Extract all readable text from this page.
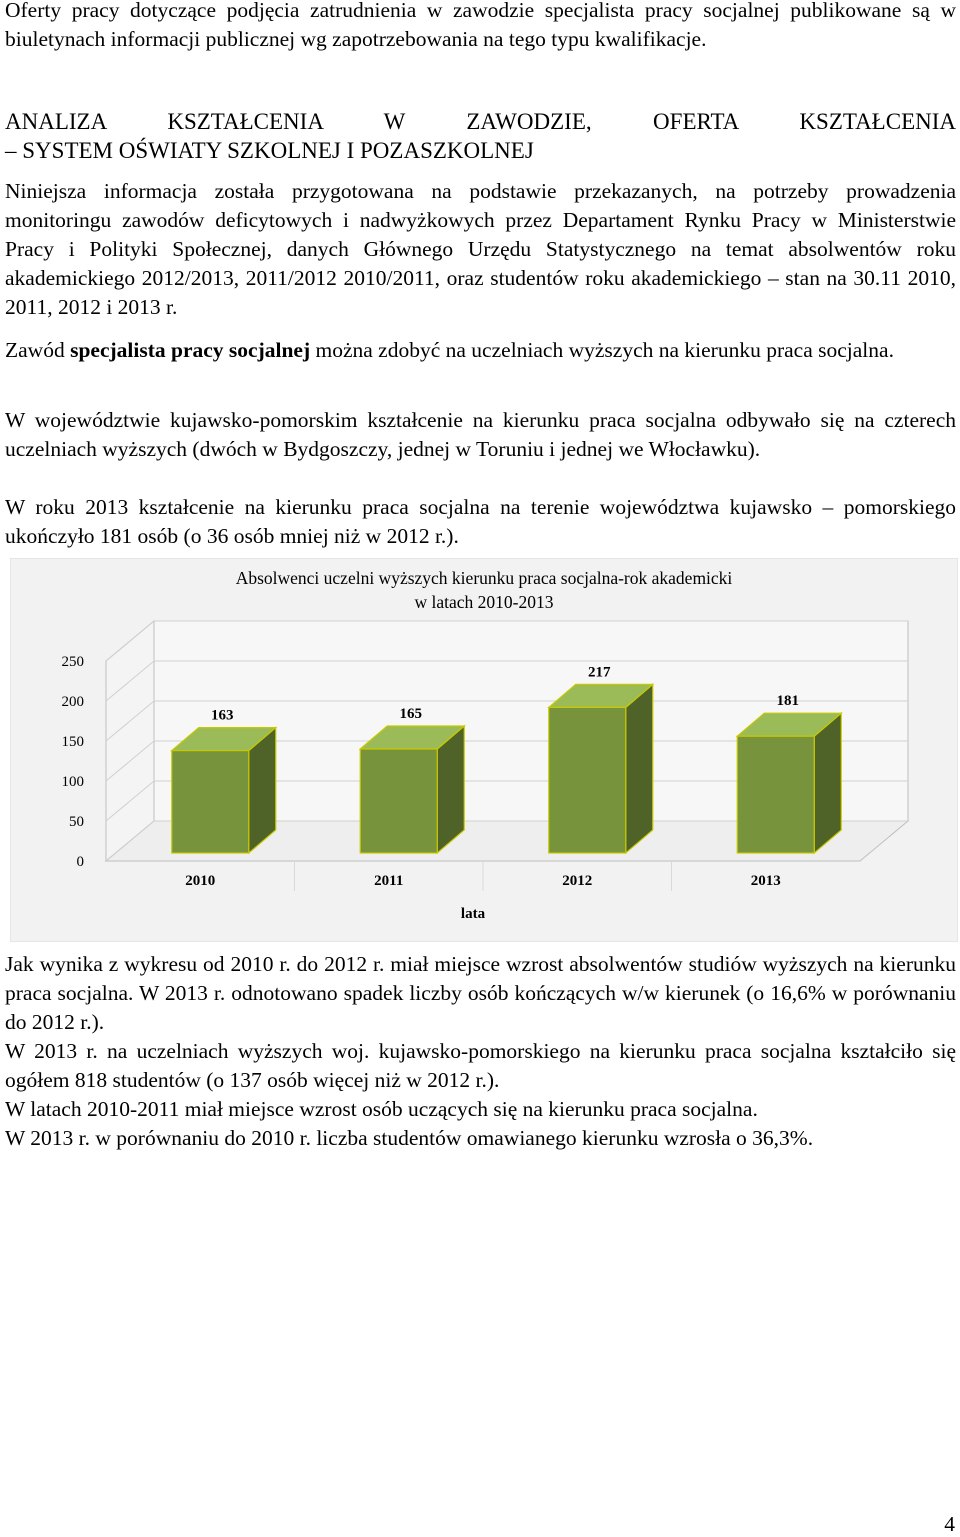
Oferty pracy dotyczące podjęcia zatrudnienia w zawodzie specjalista pracy socjalnej publikowane są w biuletynach informacji publicznej wg zapotrzebowania na tego typu kwalifikacje.

ANALIZA KSZTAŁCENIA W ZAWODZIE, OFERTA KSZTAŁCENIA
– SYSTEM OŚWIATY SZKOLNEJ I POZASZKOLNEJ

Niniejsza informacja została przygotowana na podstawie przekazanych, na potrzeby prowadzenia monitoringu zawodów deficytowych i nadwyżkowych przez Departament Rynku Pracy w Ministerstwie Pracy i Polityki Społecznej, danych Głównego Urzędu Statystycznego na temat absolwentów roku akademickiego 2012/2013, 2011/2012 2010/2011, oraz studentów roku akademickiego – stan na 30.11 2010, 2011, 2012 i 2013 r.

Zawód specjalista pracy socjalnej można zdobyć na uczelniach wyższych na kierunku praca socjalna.

W województwie kujawsko-pomorskim kształcenie na kierunku praca socjalna odbywało się na czterech uczelniach wyższych (dwóch w Bydgoszczy, jednej w Toruniu i jednej we Włocławku).

W roku 2013 kształcenie na kierunku praca socjalna na terenie województwa kujawsko – pomorskiego ukończyło 181 osób (o 36 osób mniej niż w 2012 r.).

Absolwenci uczelni wyższych kierunku praca socjalna-rok akademicki
w latach 2010-2013
0
50
100
150
200
250
163
2010
165
2011
217
2012
181
2013
lata

Jak wynika z wykresu od 2010 r. do 2012 r. miał miejsce wzrost absolwentów studiów wyższych na kierunku praca socjalna. W 2013 r. odnotowano spadek liczby osób kończących w/w kierunek (o 16,6% w porównaniu do 2012 r.).

W 2013 r. na uczelniach wyższych woj. kujawsko-pomorskiego na kierunku praca socjalna kształciło się ogółem 818 studentów (o 137 osób więcej niż w 2012 r.).

W latach 2010-2011 miał miejsce wzrost osób uczących się na kierunku praca socjalna.

W 2013 r. w porównaniu do 2010 r. liczba studentów omawianego kierunku wzrosła o 36,3%.

4
